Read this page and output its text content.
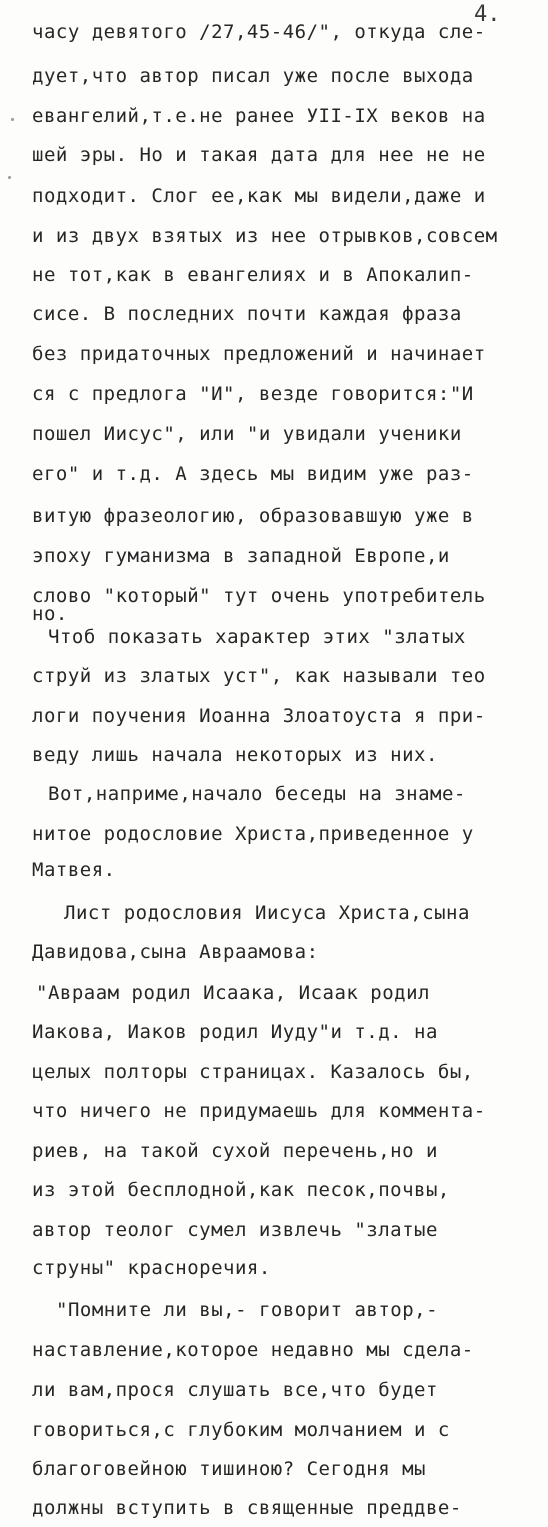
4.
часу девятого /27,45-46/", откуда сле-
дует,что автор писал уже после выхода
евангелий,т.е.не ранее УII-IX веков на
шей эры. Но и такая дата для нее не не
подходит. Слог ее,как мы видели,даже и
и из двух взятых из нее отрывков,совсем
не тот,как в евангелиях и в Апокалип-
сисе. В последних почти каждая фраза
без придаточных предложений и начинает
ся с предлога "И", везде говорится:"И
пошел Иисус", или "и увидали ученики
его" и т.д. А здесь мы видим уже раз-
витую фразеологию, образовавшую уже в
эпоху гуманизма в западной Европе,и
слово "который" тут очень употребитель
но.
Чтоб показать характер этих "златых
струй из златых уст", как называли тео
логи поучения Иоанна Злоатоуста я при-
веду лишь начала некоторых из них.
Вот,наприме,начало беседы на знаме-
нитое родословие Христа,приведенное у
Матвея.
Лист родословия Иисуса Христа,сына
Давидова,сына Авраамова:
"Авраам родил Исаака, Исаак родил
Иакова, Иаков родил Иуду"и т.д. на
целых полторы страницах. Казалось бы,
что ничего не придумаешь для коммента-
риев, на такой сухой перечень,но и
из этой бесплодной,как песок,почвы,
автор теолог сумел извлечь "златые
струны" красноречия.
"Помните ли вы,- говорит автор,-
наставление,которое недавно мы сдела-
ли вам,прося слушать все,что будет
говориться,с глубоким молчанием и с
благоговейною тишиною? Сегодня мы
должны вступить в священные преддве-
